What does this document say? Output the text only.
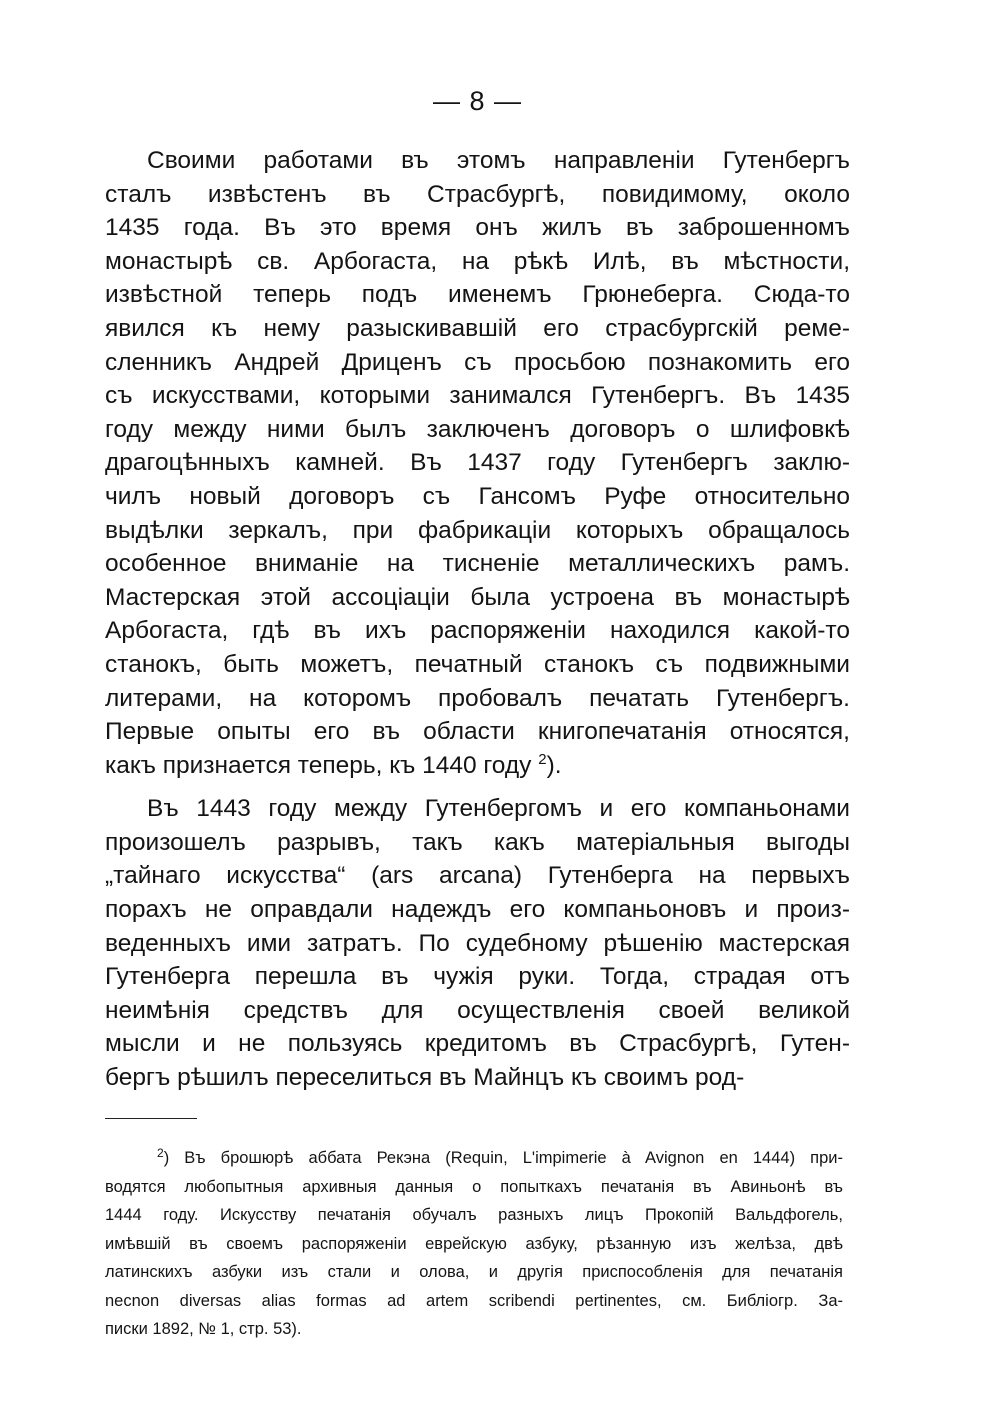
— 8 —
Своими работами въ этомъ направленiи Гутенбергъ
сталъ извѣстенъ въ Страсбургѣ, повидимому, около
1435 года. Въ это время онъ жилъ въ заброшенномъ
монастырѣ св. Арбогаста, на рѣкѣ Илѣ, въ мѣстности,
извѣстной теперь подъ именемъ Грюнеберга. Сюда-то
явился къ нему разыскивавшiй его страсбургскiй реме-
сленникъ Андрей Дриценъ съ просьбою познакомить его
съ искусствами, которыми занимался Гутенбергъ. Въ 1435
году между ними былъ заключенъ договоръ о шлифовкѣ
драгоцѣнныхъ камней. Въ 1437 году Гутенбергъ заклю-
чилъ новый договоръ съ Гансомъ Руфе относительно
выдѣлки зеркалъ, при фабрикацiи которыхъ обращалось
особенное вниманiе на тисненiе металлическихъ рамъ.
Мастерская этой ассоцiацiи была устроена въ монастырѣ
Арбогаста, гдѣ въ ихъ распоряженiи находился какой-то
станокъ, быть можетъ, печатный станокъ съ подвижными
литерами, на которомъ пробовалъ печатать Гутенбергъ.
Первые опыты его въ области книгопечатанiя относятся,
какъ признается теперь, къ 1440 году $^2$).
Въ 1443 году между Гутенбергомъ и его компаньонами
произошелъ разрывъ, такъ какъ матерiальныя выгоды
„тайнаго искусства“ (ars arcana) Гутенберга на первыхъ
порахъ не оправдали надеждъ его компаньоновъ и произ-
веденныхъ ими затратъ. По судебному рѣшенiю мастерская
Гутенберга перешла въ чужiя руки. Тогда, страдая отъ
неимѣнiя средствъ для осуществленiя своей великой
мысли и не пользуясь кредитомъ въ Страсбургѣ, Гутен-
бергъ рѣшилъ переселиться въ Майнцъ къ своимъ род-
$^2$) Въ брошюрѣ аббата Рекэна (Requin, L'impimerie à Avignon en 1444) при-
водятся любопытныя архивныя данныя о попыткахъ печатанiя въ Авиньонѣ въ
1444 году. Искусству печатанiя обучалъ разныхъ лицъ Прокопiй Вальдфогель,
имѣвшiй въ своемъ распоряженiи еврейскую азбуку, рѣзанную изъ желѣза, двѣ
латинскихъ азбуки изъ стали и олова, и другiя приспособленiя для печатанiя
necnon diversas alias formas ad artem scribendi pertinentes, см. Библiогр. За-
пиcки 1892, № 1, стр. 53).
